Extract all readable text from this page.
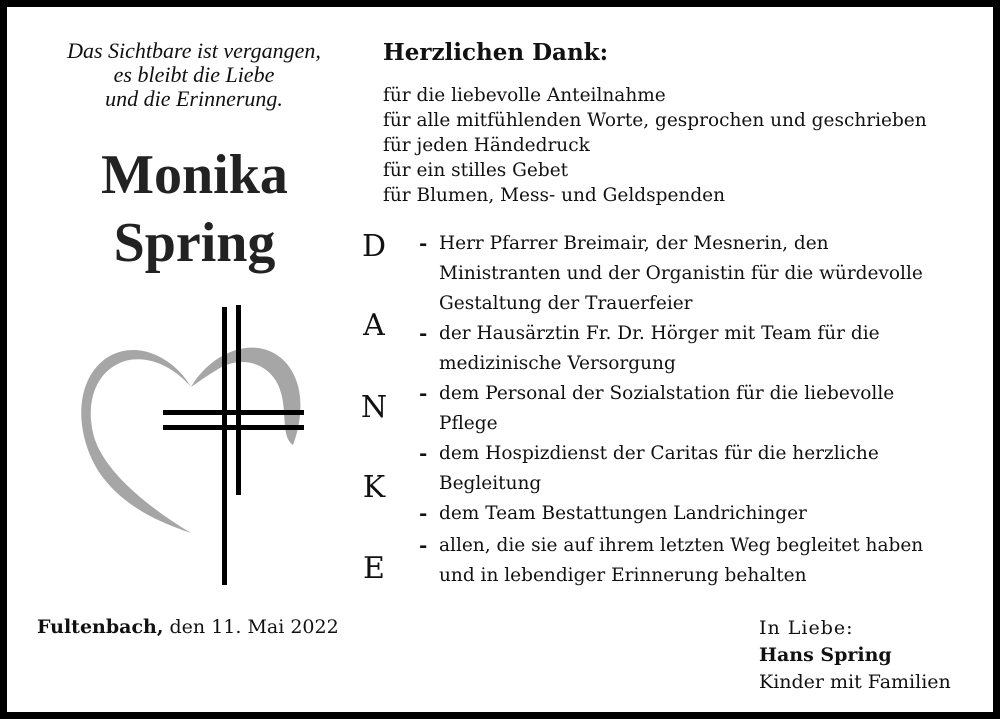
Das Sichtbare ist vergangen,
es bleibt die Liebe
und die Erinnerung.
Monika
Spring
Herzlichen Dank:
für die liebevolle Anteilnahme
für alle mitfühlenden Worte, gesprochen und geschrieben
für jeden Händedruck
für ein stilles Gebet
für Blumen, Mess- und Geldspenden
D
A
N
K
E
- Herr Pfarrer Breimair, der Mesnerin, den
Ministranten und der Organistin für die würdevolle
Gestaltung der Trauerfeier
- der Hausärztin Fr. Dr. Hörger mit Team für die
medizinische Versorgung
- dem Personal der Sozialstation für die liebevolle
Pflege
- dem Hospizdienst der Caritas für die herzliche
Begleitung
- dem Team Bestattungen Landrichinger
- allen, die sie auf ihrem letzten Weg begleitet haben
und in lebendiger Erinnerung behalten
Fultenbach, den 11. Mai 2022	In Liebe:
Hans Spring
Kinder mit Familien
